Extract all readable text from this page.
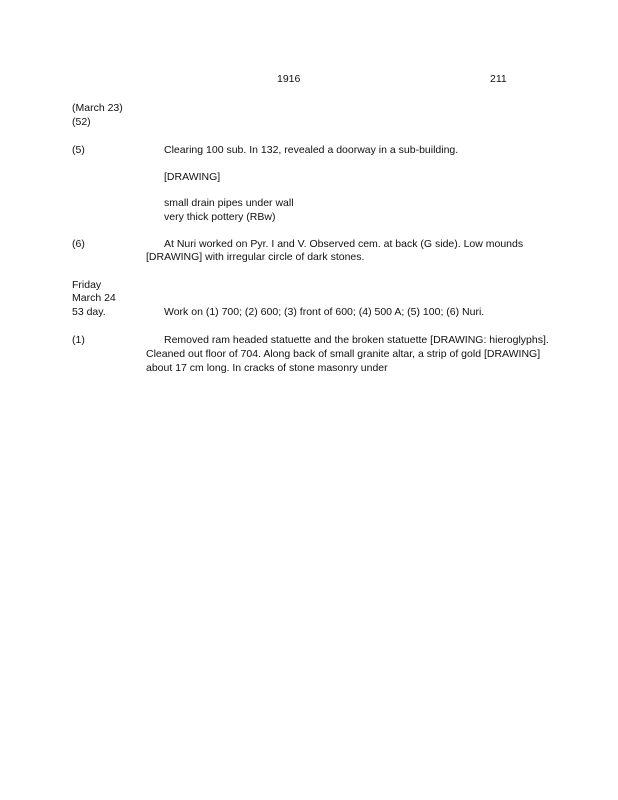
1916	211
(March 23)
(52)
(5)	Clearing 100 sub. In 132, revealed a doorway in a sub-building.
[DRAWING]
small drain pipes under wall
very thick pottery (RBw)
(6)	At Nuri worked on Pyr. I and V. Observed cem. at back (G side). Low mounds
[DRAWING] with irregular circle of dark stones.
Friday
March 24
53 day.	Work on (1) 700; (2) 600; (3) front of 600; (4) 500 A; (5) 100; (6) Nuri.
(1)	Removed ram headed statuette and the broken statuette [DRAWING: hieroglyphs].
Cleaned out floor of 704. Along back of small granite altar, a strip of gold [DRAWING]
about 17 cm long. In cracks of stone masonry under
